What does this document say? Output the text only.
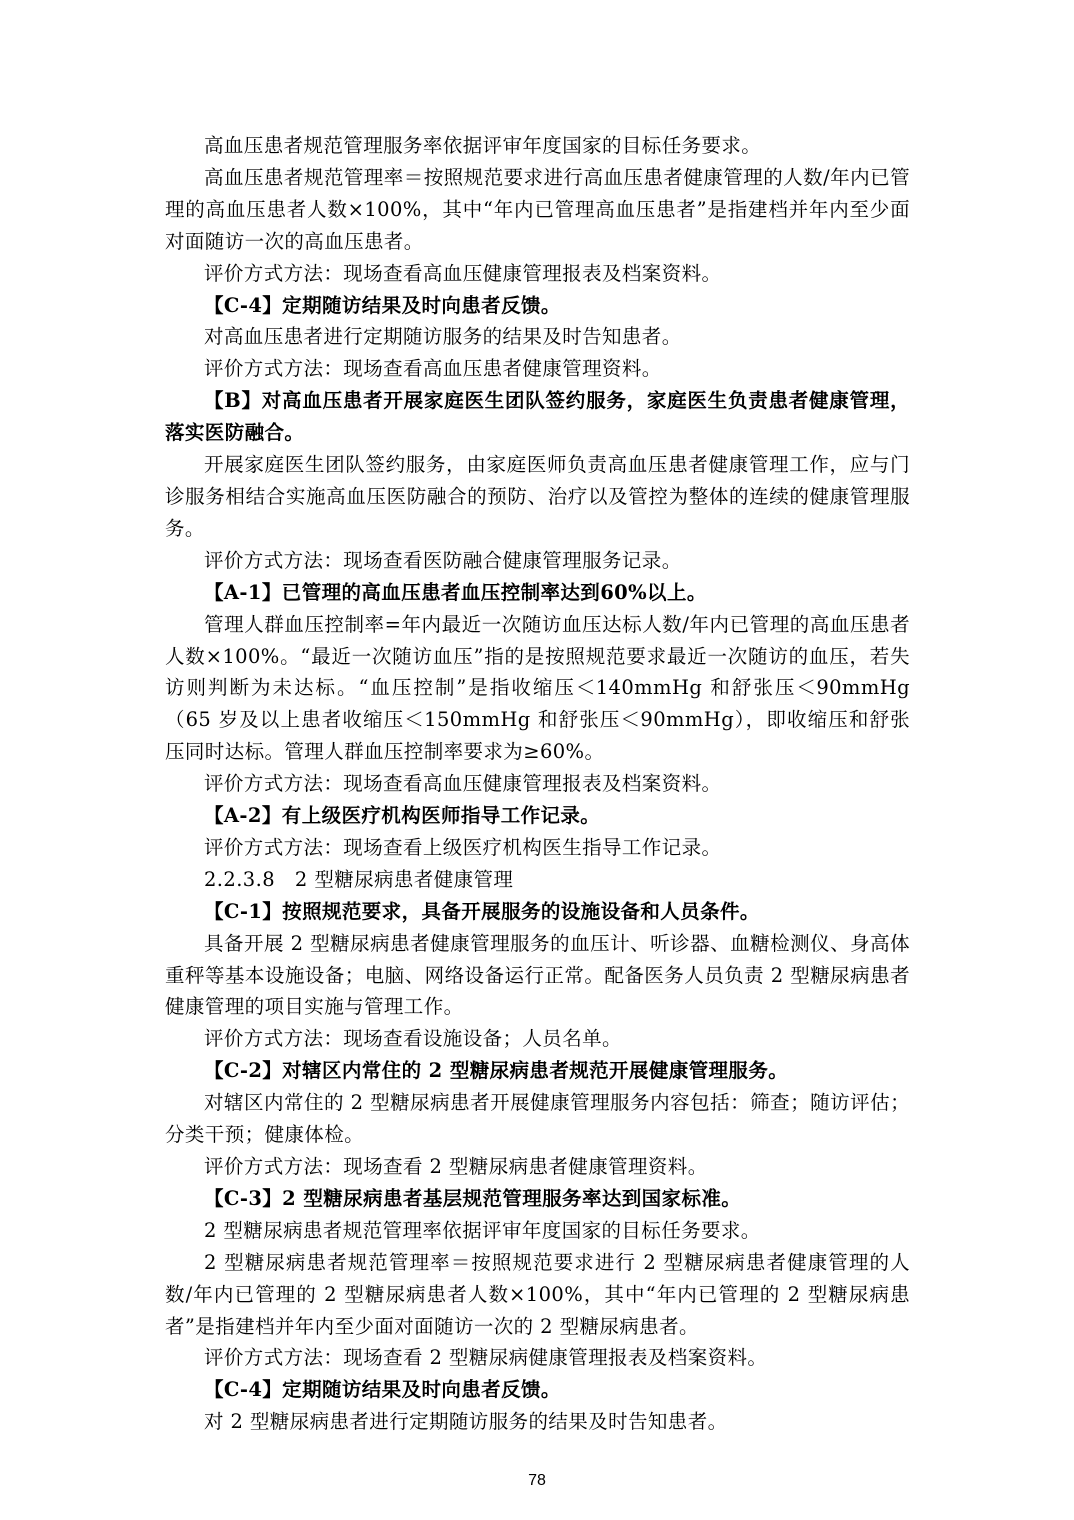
高血压患者规范管理服务率依据评审年度国家的目标任务要求。

高血压患者规范管理率＝按照规范要求进行高血压患者健康管理的人数/年内已管理的高血压患者人数×100%，其中“年内已管理高血压患者”是指建档并年内至少面对面随访一次的高血压患者。

评价方式方法：现场查看高血压健康管理报表及档案资料。

【C-4】定期随访结果及时向患者反馈。

对高血压患者进行定期随访服务的结果及时告知患者。

评价方式方法：现场查看高血压患者健康管理资料。

【B】对高血压患者开展家庭医生团队签约服务，家庭医生负责患者健康管理，落实医防融合。

开展家庭医生团队签约服务，由家庭医师负责高血压患者健康管理工作，应与门诊服务相结合实施高血压医防融合的预防、治疗以及管控为整体的连续的健康管理服务。

评价方式方法：现场查看医防融合健康管理服务记录。

【A-1】已管理的高血压患者血压控制率达到60%以上。

管理人群血压控制率=年内最近一次随访血压达标人数/年内已管理的高血压患者人数×100%。“最近一次随访血压”指的是按照规范要求最近一次随访的血压，若失访则判断为未达标。“血压控制”是指收缩压＜140mmHg 和舒张压＜90mmHg（65 岁及以上患者收缩压＜150mmHg 和舒张压＜90mmHg），即收缩压和舒张压同时达标。管理人群血压控制率要求为≥60%。

评价方式方法：现场查看高血压健康管理报表及档案资料。

【A-2】有上级医疗机构医师指导工作记录。

评价方式方法：现场查看上级医疗机构医生指导工作记录。

2.2.3.8　2 型糖尿病患者健康管理

【C-1】按照规范要求，具备开展服务的设施设备和人员条件。

具备开展 2 型糖尿病患者健康管理服务的血压计、听诊器、血糖检测仪、身高体重秤等基本设施设备；电脑、网络设备运行正常。配备医务人员负责 2 型糖尿病患者健康管理的项目实施与管理工作。

评价方式方法：现场查看设施设备；人员名单。

【C-2】对辖区内常住的 2 型糖尿病患者规范开展健康管理服务。

对辖区内常住的 2 型糖尿病患者开展健康管理服务内容包括：筛查；随访评估；分类干预；健康体检。

评价方式方法：现场查看 2 型糖尿病患者健康管理资料。

【C-3】2 型糖尿病患者基层规范管理服务率达到国家标准。

2 型糖尿病患者规范管理率依据评审年度国家的目标任务要求。

2 型糖尿病患者规范管理率＝按照规范要求进行 2 型糖尿病患者健康管理的人数/年内已管理的 2 型糖尿病患者人数×100%，其中“年内已管理的 2 型糖尿病患者”是指建档并年内至少面对面随访一次的 2 型糖尿病患者。

评价方式方法：现场查看 2 型糖尿病健康管理报表及档案资料。

【C-4】定期随访结果及时向患者反馈。

对 2 型糖尿病患者进行定期随访服务的结果及时告知患者。

78
